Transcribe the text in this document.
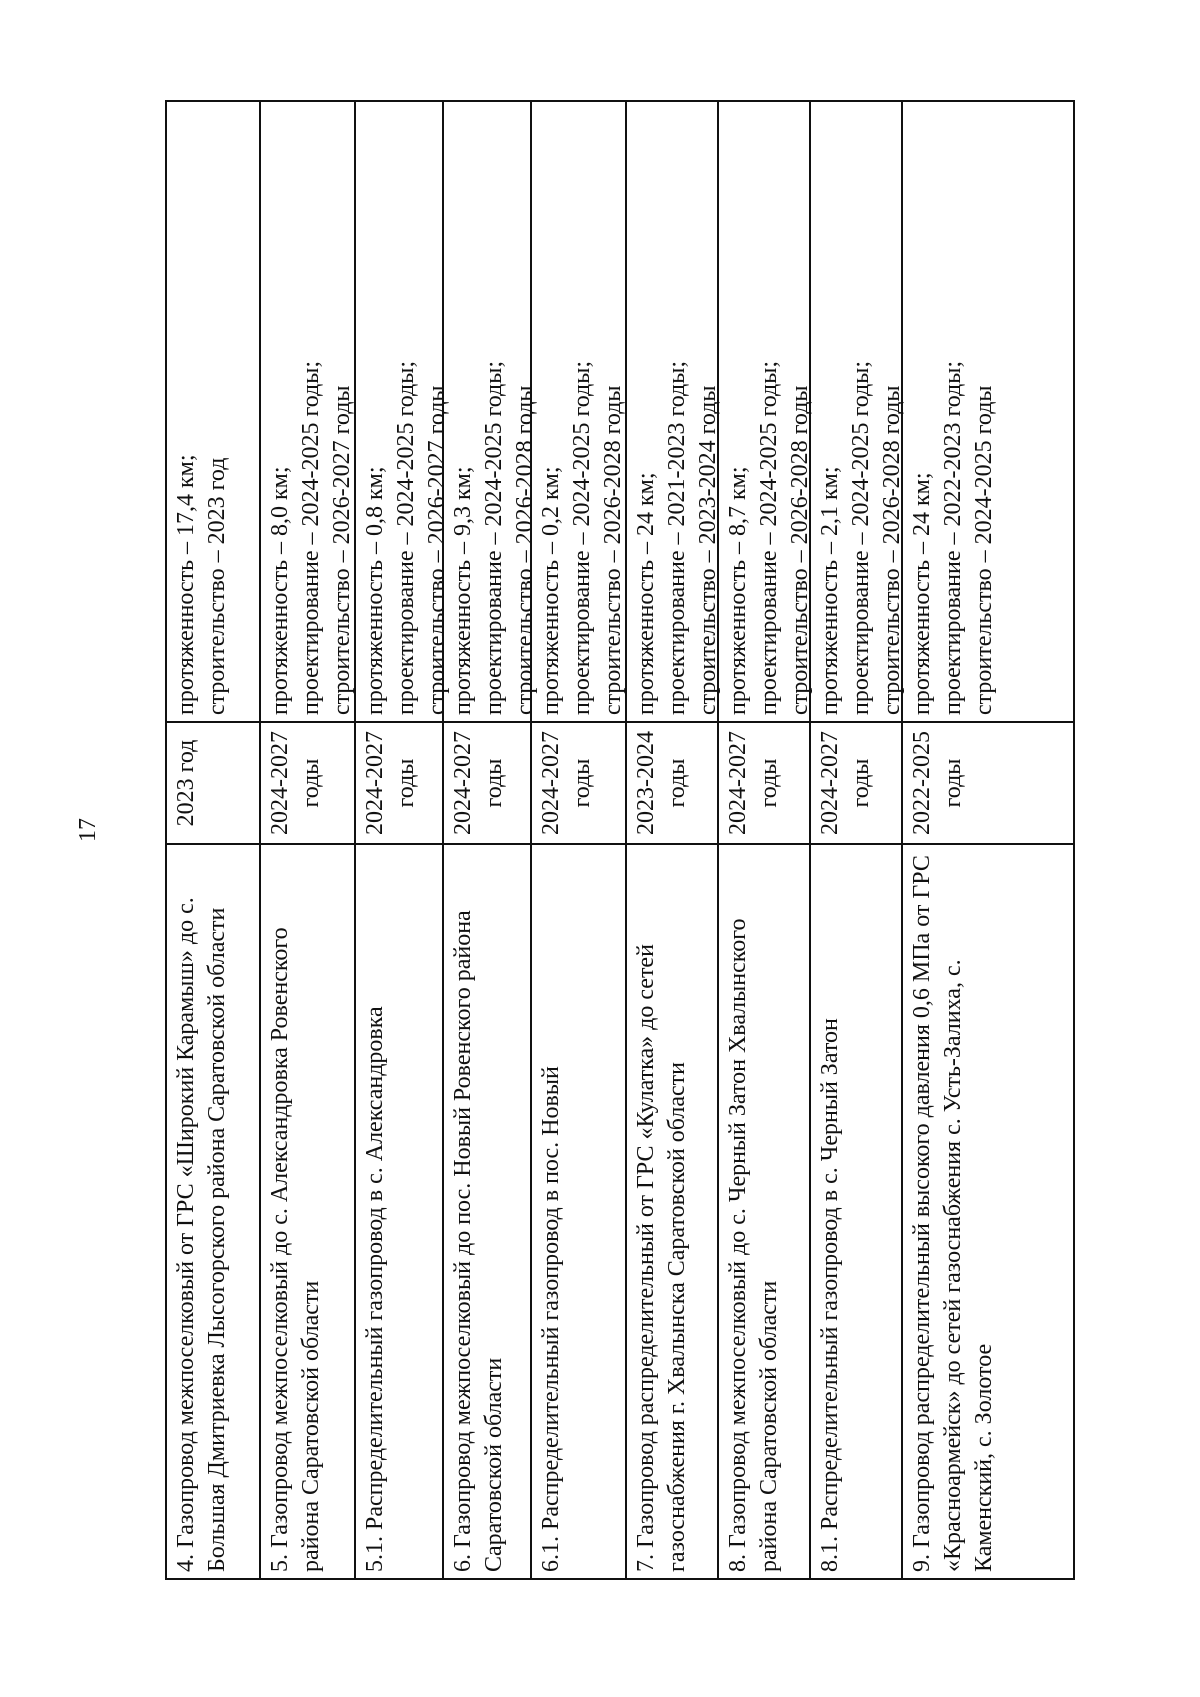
17
4. Газопровод межпоселковый от ГРС «Широкий Карамыш» до с. Большая Дмитриевка Лысогорского района Саратовской области
2023 год
протяженность – 17,4 км; строительство – 2023 год
5. Газопровод межпоселковый до с. Александровка Ровенского района Саратовской области
2024-2027 годы
протяженность – 8,0 км; проектирование – 2024-2025 годы; строительство – 2026-2027 годы
5.1. Распределительный газопровод в с. Александровка
2024-2027 годы
протяженность – 0,8 км; проектирование – 2024-2025 годы; строительство – 2026-2027 годы
6. Газопровод межпоселковый до пос. Новый Ровенского района Саратовской области
2024-2027 годы
протяженность – 9,3 км; проектирование – 2024-2025 годы; строительство – 2026-2028 годы
6.1. Распределительный газопровод в пос. Новый
2024-2027 годы
протяженность – 0,2 км; проектирование – 2024-2025 годы; строительство – 2026-2028 годы
7. Газопровод распределительный от ГРС «Кулатка» до сетей газоснабжения г. Хвалынска Саратовской области
2023-2024 годы
протяженность – 24 км; проектирование – 2021-2023 годы; строительство – 2023-2024 годы
8. Газопровод межпоселковый до с. Черный Затон Хвалынского района Саратовской области
2024-2027 годы
протяженность – 8,7 км; проектирование – 2024-2025 годы; строительство – 2026-2028 годы
8.1. Распределительный газопровод в с. Черный Затон
2024-2027 годы
протяженность – 2,1 км; проектирование – 2024-2025 годы; строительство – 2026-2028 годы
9. Газопровод распределительный высокого давления 0,6 МПа от ГРС «Красноармейск» до сетей газоснабжения с. Усть-Залиха, с. Каменский, с. Золотое
2022-2025 годы
протяженность – 24 км; проектирование – 2022-2023 годы; строительство – 2024-2025 годы
